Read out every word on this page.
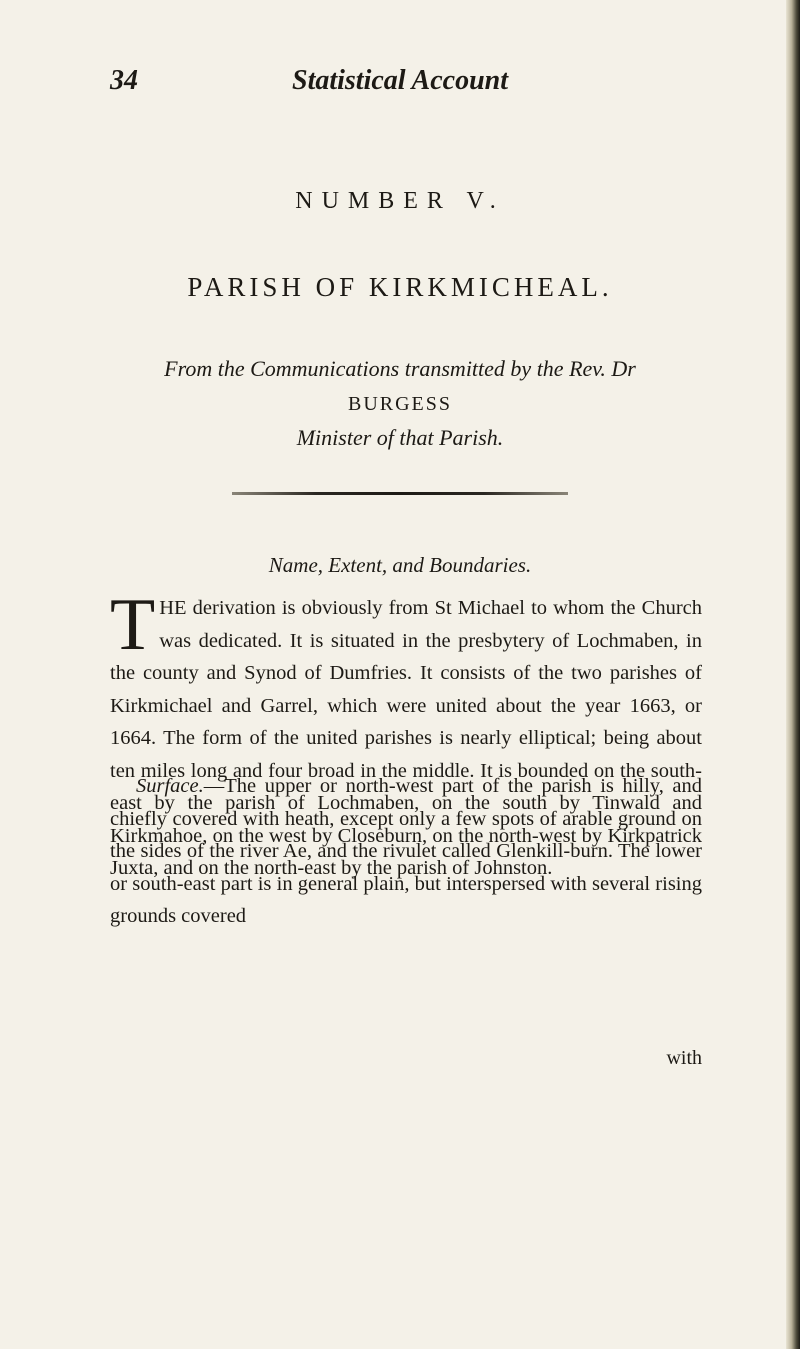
34	Statistical Account
NUMBER V.
PARISH OF KIRKMICHEAL.
From the Communications transmitted by the Rev. Dr BURGESS
Minister of that Parish.
Name, Extent, and Boundaries.
T HE derivation is obviously from St Michael to whom the Church was dedicated. It is situated in the presbytery of Lochmaben, in the county and Synod of Dumfries. It consists of the two parishes of Kirkmichael and Garrel, which were united about the year 1663, or 1664. The form of the united parishes is nearly elliptical; being about ten miles long and four broad in the middle. It is bounded on the south-east by the parish of Lochmaben, on the south by Tinwald and Kirkmahoe, on the west by Closeburn, on the north-west by Kirkpatrick Juxta, and on the north-east by the parish of Johnston.
Surface.—The upper or north-west part of the parish is hilly, and chiefly covered with heath, except only a few spots of arable ground on the sides of the river Ae, and the rivulet called Glenkill-burn. The lower or south-east part is in general plain, but interspersed with several rising grounds covered
with
